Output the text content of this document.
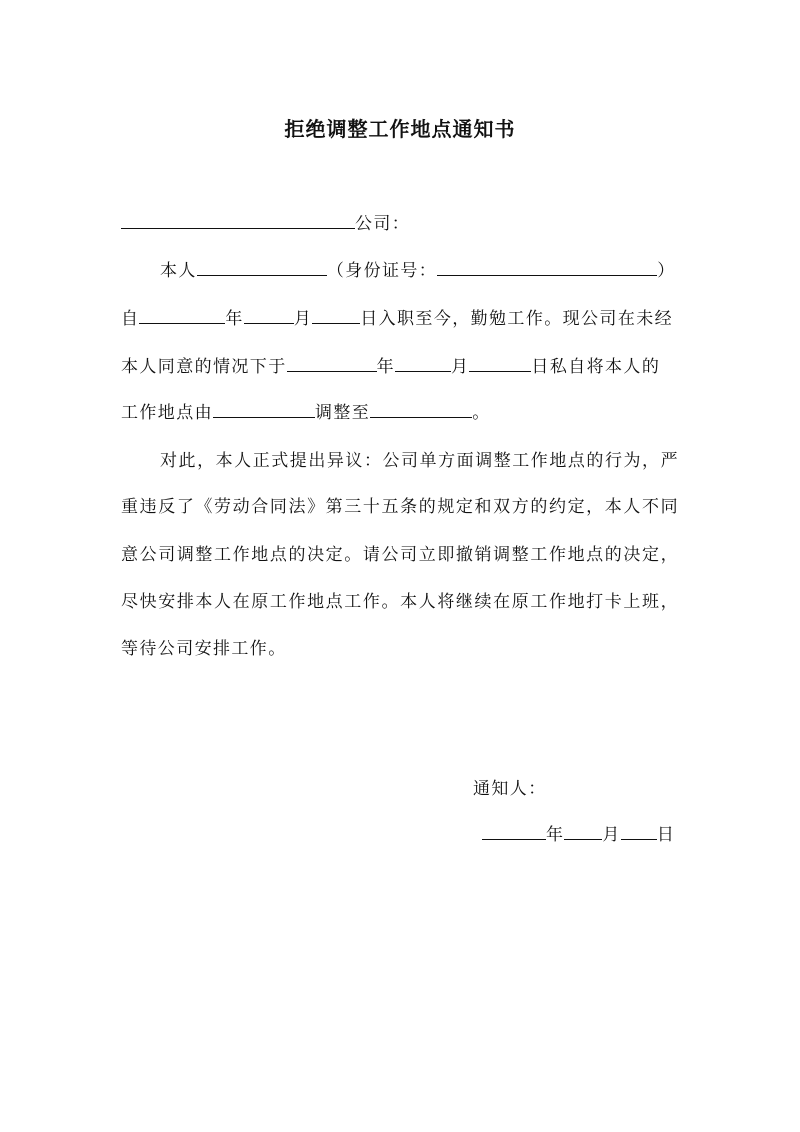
拒绝调整工作地点通知书
公司：
本人	（身份证号：	）
自	年	月	日入职至今，勤勉工作。现公司在未经
本人同意的情况下于	年	月	日私自将本人的
工作地点由	调整至	。
对此，本人正式提出异议：公司单方面调整工作地点的行为，严
重违反了《劳动合同法》第三十五条的规定和双方的约定，本人不同
意公司调整工作地点的决定。请公司立即撤销调整工作地点的决定，
尽快安排本人在原工作地点工作。本人将继续在原工作地打卡上班，
等待公司安排工作。
通知人：
年 月 日
